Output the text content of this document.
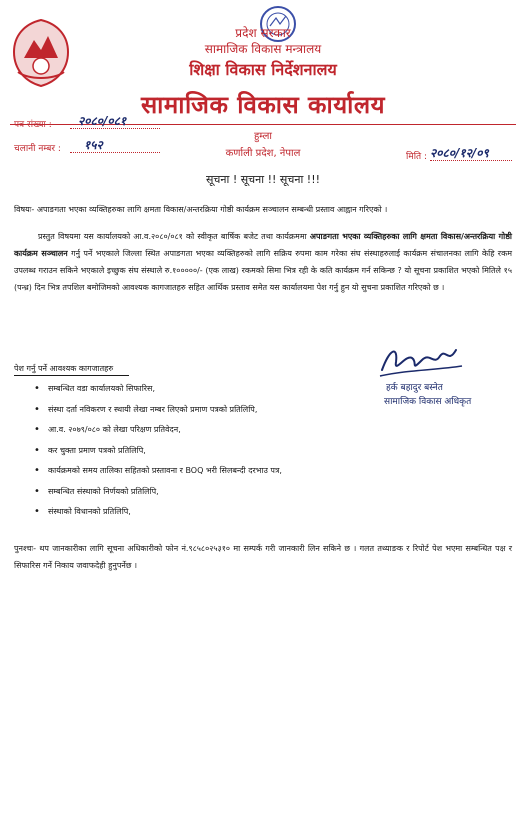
प्रदेश सरकार
सामाजिक विकास मन्त्रालय
शिक्षा विकास निर्देशनालय
सामाजिक विकास कार्यालय
हुम्ला
कर्णाली प्रदेश, नेपाल
पत्र संख्या : २०८०/०८१
चलानी नम्बर : १५२
मिति : २०८०/१२/०९
सूचना ! सूचना !! सूचना !!!
विषयः- अपाङगता भएका व्यक्तिहरुका लागि क्षमता विकास/अन्तरक्रिया गोष्ठी कार्यक्रम सञ्चालन सम्बन्धी प्रस्ताव आह्वान गरिएको ।
प्रस्तुत विषयमा यस कार्यालयको आ.व.२०८०/०८१ को स्वीकृत बार्षिक बजेट तथा कार्यक्रममा अपाङगता भएका व्यक्तिहरुका लागि क्षमता विकास/अन्तरक्रिया गोष्ठी कार्यक्रम सञ्चालन गर्नु पर्ने भएकाले जिल्ला स्थित अपाङगता भएका व्यक्तिहरुको लागि सक्रिय रुपमा काम गरेका संघ संस्थाहरुलाई कार्यक्रम संचालनका लागि केहि रकम उपलब्ध गराउन सकिने भएकाले इच्छुक संघ संस्थाले रु.१०००००/- (एक लाख) रकमको सिमा भित्र रही के कति कार्यक्रम गर्न सकिन्छ ? यो सूचना प्रकाशित भएको मितिले १५ (पन्ध्र) दिन भित्र तपशिल बमोजिमको आवश्यक कागजातहरु सहित आर्थिक प्रस्ताव समेत यस कार्यालयमा पेश गर्नु हुन यो सुचना प्रकाशित गरिएको छ ।
हर्क बहादुर बस्नेत
सामाजिक विकास अधिकृत
पेश गर्नु पर्ने आवश्यक कागजातहरु
• सम्बन्धित वडा कार्यालयको सिफारिस,
• संस्था दर्ता नविकरण र स्थायी लेखा नम्बर लिएको प्रमाण पत्रको प्रतिलिपि,
• आ.व. २०७९/०८० को लेखा परिक्षण प्रतिवेदन,
• कर चुक्ता प्रमाण पत्रको प्रतिलिपि,
• कार्यक्रमको समय तालिका सहितको प्रस्तावना र BOQ भरी सिलबन्दी दरभाउ पत्र,
• सम्बन्धित संस्थाको निर्णयको प्रतिलिपि,
• संस्थाको विधानको प्रतिलिपि,
पुनश्चः- थप जानकारीका लागि सूचना अधिकारीको फोन नं.९८५८०२५३१० मा सम्पर्क गरी जानकारी लिन सकिने छ । गलत तथ्याङक र रिपोर्ट पेश भएमा सम्बन्धित पक्ष र सिफारिस गर्ने निकाय जवाफदेही हुनुपर्नेछ ।
